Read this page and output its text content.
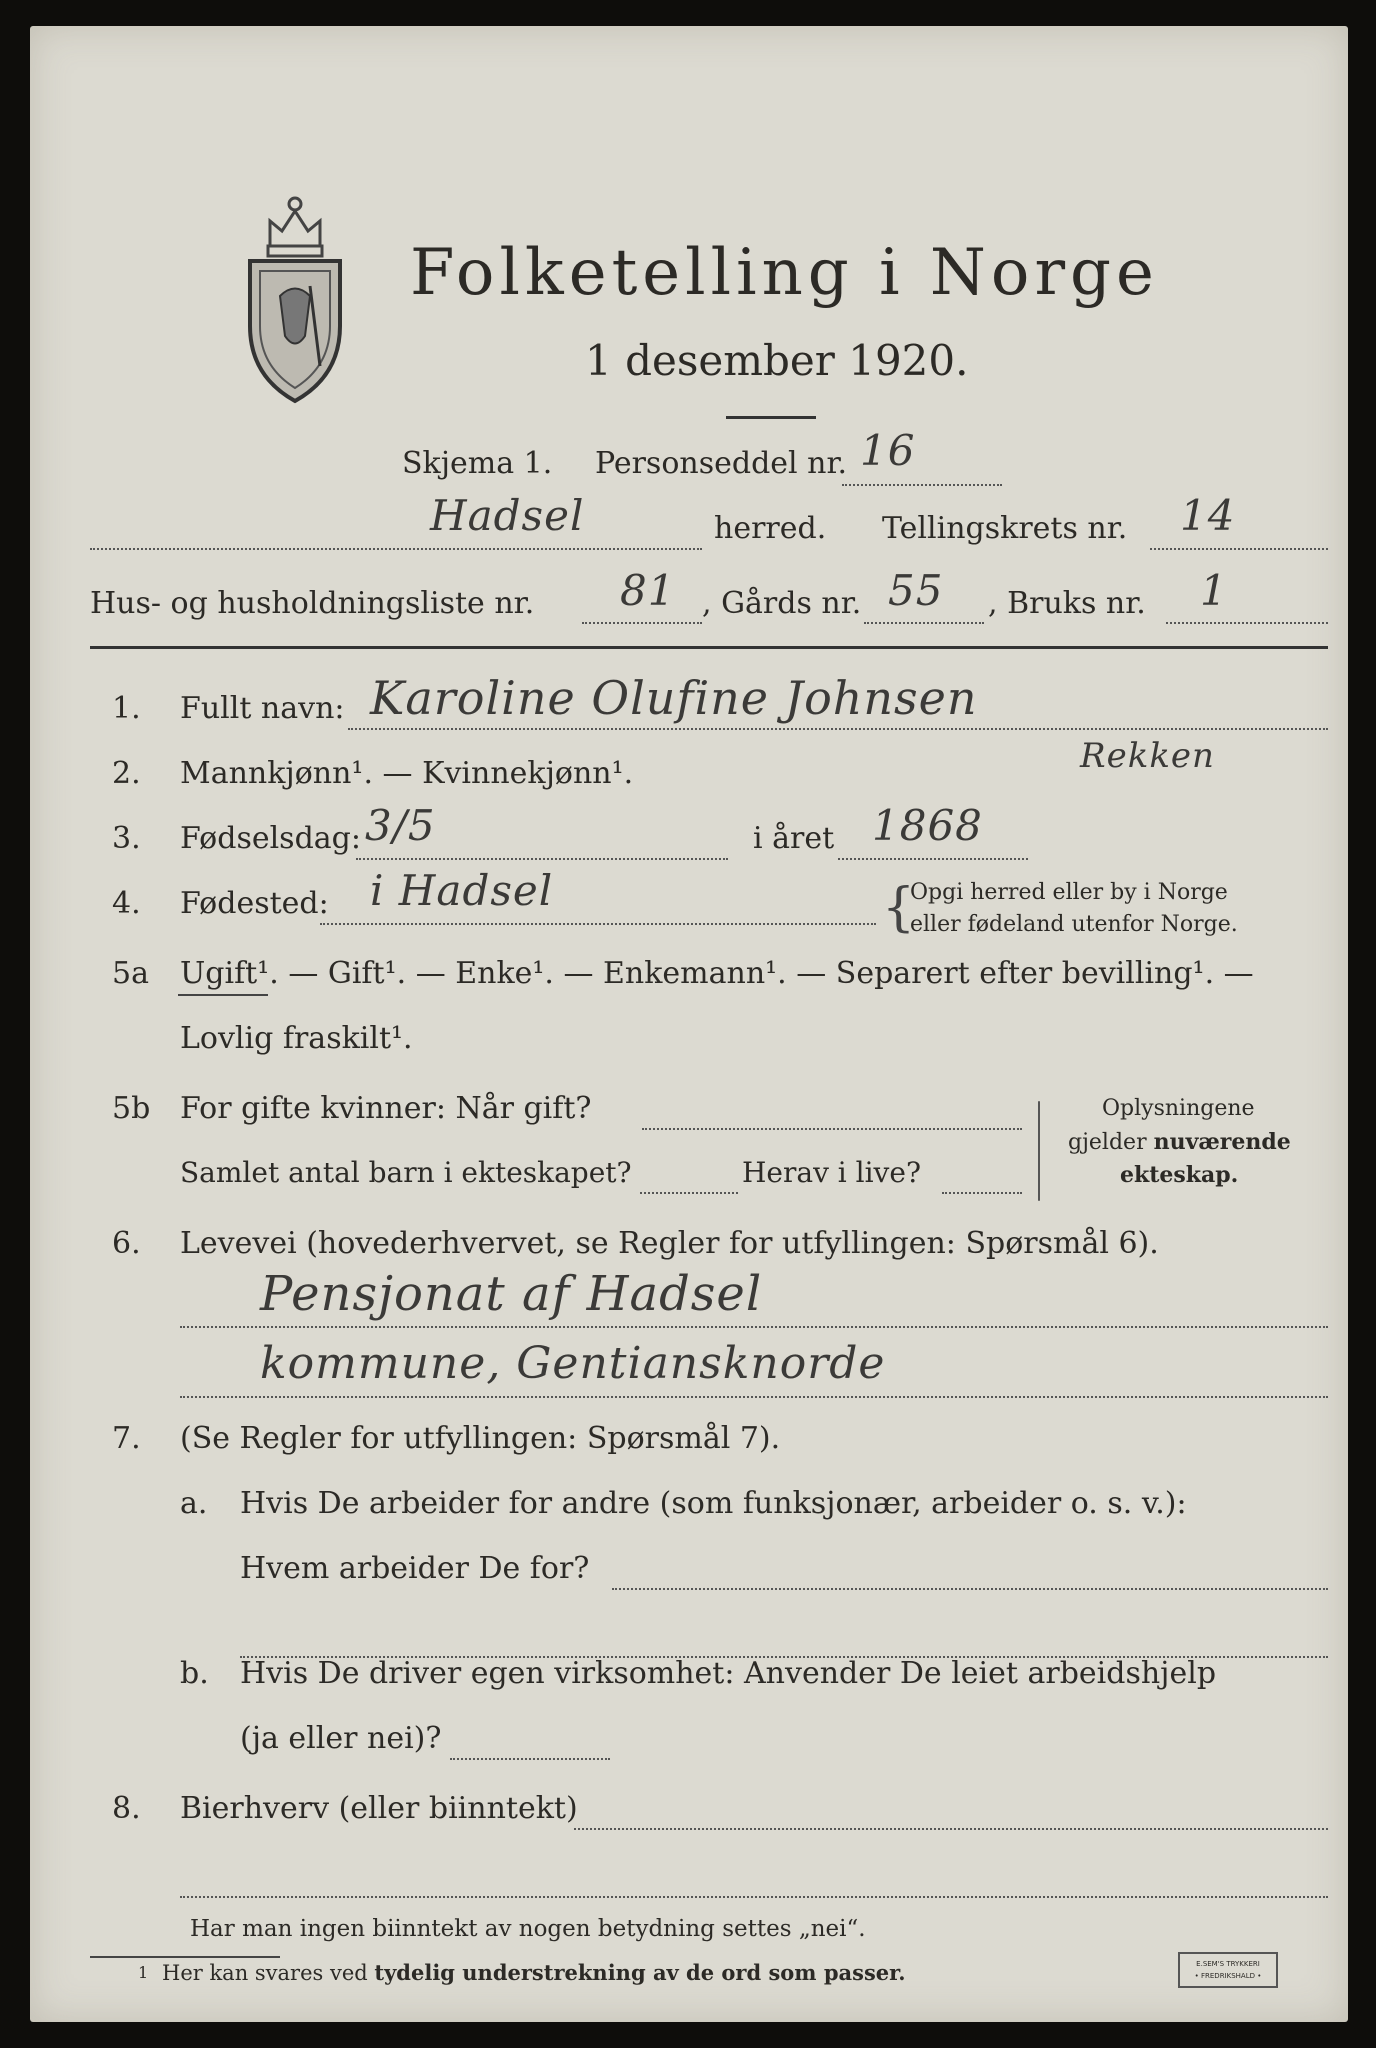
Folketelling i Norge
1 desember 1920.
Skjema 1. Personseddel nr. 16
Hadsel	herred. Tellingskrets nr. 14
Hus- og husholdningsliste nr. 81 , Gårds nr. 55 , Bruks nr. 1
1. Fullt navn: Karoline Olufine Johnsen
Rekken
2. Mannkjønn¹. — Kvinnekjønn¹.
3. Fødselsdag: 3/5	i året 1868
4. Fødested: i Hadsel	{
Opgi herred eller by i Norge
eller fødeland utenfor Norge.
5a Ugift¹. — Gift¹. — Enke¹. — Enkemann¹. — Separert efter bevilling¹. —
Lovlig fraskilt¹.
5b For gifte kvinner: Når gift?
Samlet antal barn i ekteskapet?	Herav i live?
Oplysningene
gjelder nuværende
ekteskap.
6. Levevei (hovederhvervet, se Regler for utfyllingen: Spørsmål 6).
Pensjonat af Hadsel
kommune, Gentiansknorde
7. (Se Regler for utfyllingen: Spørsmål 7).
a. Hvis De arbeider for andre (som funksjonær, arbeider o. s. v.):
Hvem arbeider De for?
b. Hvis De driver egen virksomhet: Anvender De leiet arbeidshjelp
(ja eller nei)?
8. Bierhverv (eller biinntekt)
Har man ingen biinntekt av nogen betydning settes „nei“.
1 Her kan svares ved tydelig understrekning av de ord som passer.	E.SEM'S TRYKKERI
• FREDRIKSHALD •
